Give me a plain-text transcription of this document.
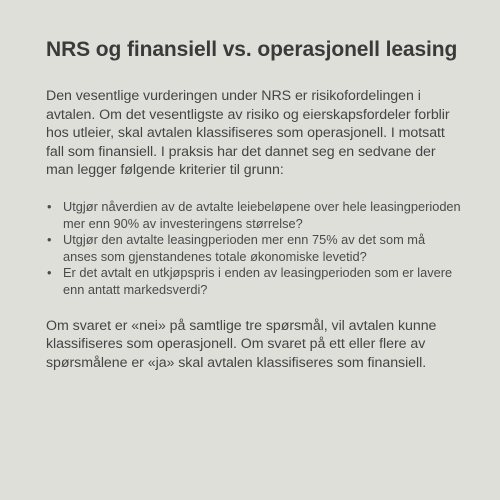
NRS og finansiell vs. operasjonell leasing

Den vesentlige vurderingen under NRS er risikofordelingen i avtalen. Om det vesentligste av risiko og eierskapsfordeler forblir hos utleier, skal avtalen klassifiseres som operasjonell. I motsatt fall som finansiell. I praksis har det dannet seg en sedvane der man legger følgende kriterier til grunn:

• Utgjør nåverdien av de avtalte leiebeløpene over hele leasingperioden mer enn 90% av investeringens størrelse?
• Utgjør den avtalte leasingperioden mer enn 75% av det som må anses som gjenstandenes totale økonomiske levetid?
• Er det avtalt en utkjøpspris i enden av leasingperioden som er lavere enn antatt markedsverdi?

Om svaret er «nei» på samtlige tre spørsmål, vil avtalen kunne klassifiseres som operasjonell. Om svaret på ett eller flere av spørsmålene er «ja» skal avtalen klassifiseres som finansiell.
